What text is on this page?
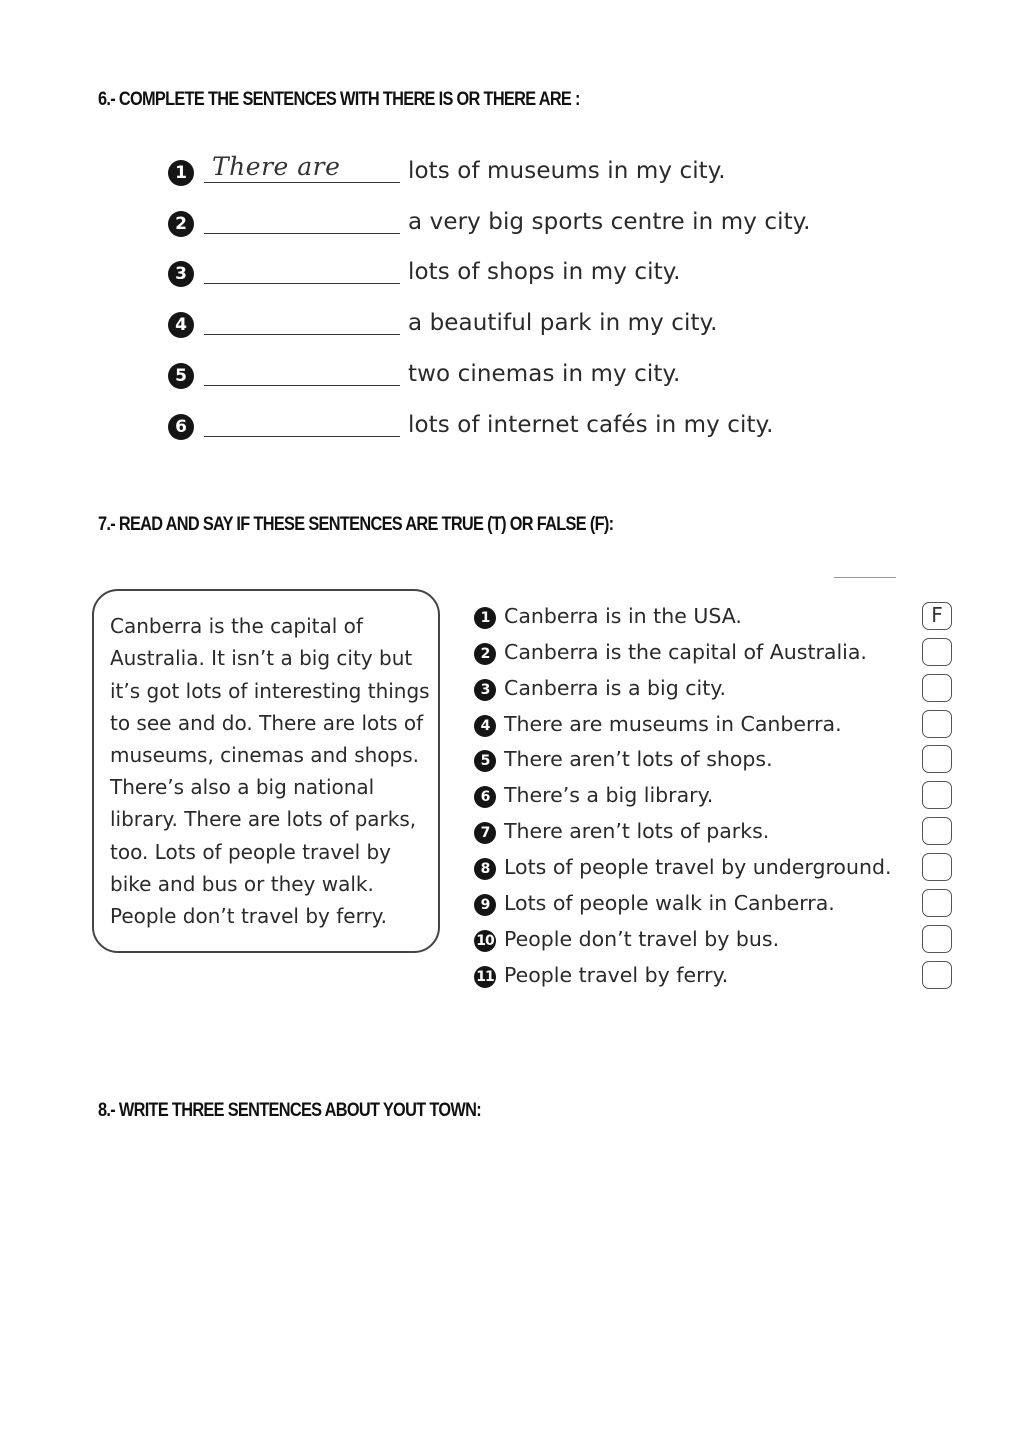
6.- COMPLETE THE SENTENCES WITH THERE IS OR THERE ARE :
1 There are	lots of museums in my city.
2	a very big sports centre in my city.
3	lots of shops in my city.
4	a beautiful park in my city.
5	two cinemas in my city.
6	lots of internet cafés in my city.
7.- READ AND SAY IF THESE SENTENCES ARE TRUE (T) OR FALSE (F):
Canberra is the capital of
Australia. It isn’t a big city but
it’s got lots of interesting things
to see and do. There are lots of
museums, cinemas and shops.
There’s also a big national
library. There are lots of parks,
too. Lots of people travel by
bike and bus or they walk.
People don’t travel by ferry.
1 Canberra is in the USA.	F
2 Canberra is the capital of Australia.
3 Canberra is a big city.
4 There are museums in Canberra.
5 There aren’t lots of shops.
6 There’s a big library.
7 There aren’t lots of parks.
8 Lots of people travel by underground.
9 Lots of people walk in Canberra.
10 People don’t travel by bus.
11 People travel by ferry.
8.- WRITE THREE SENTENCES ABOUT YOUT TOWN:
